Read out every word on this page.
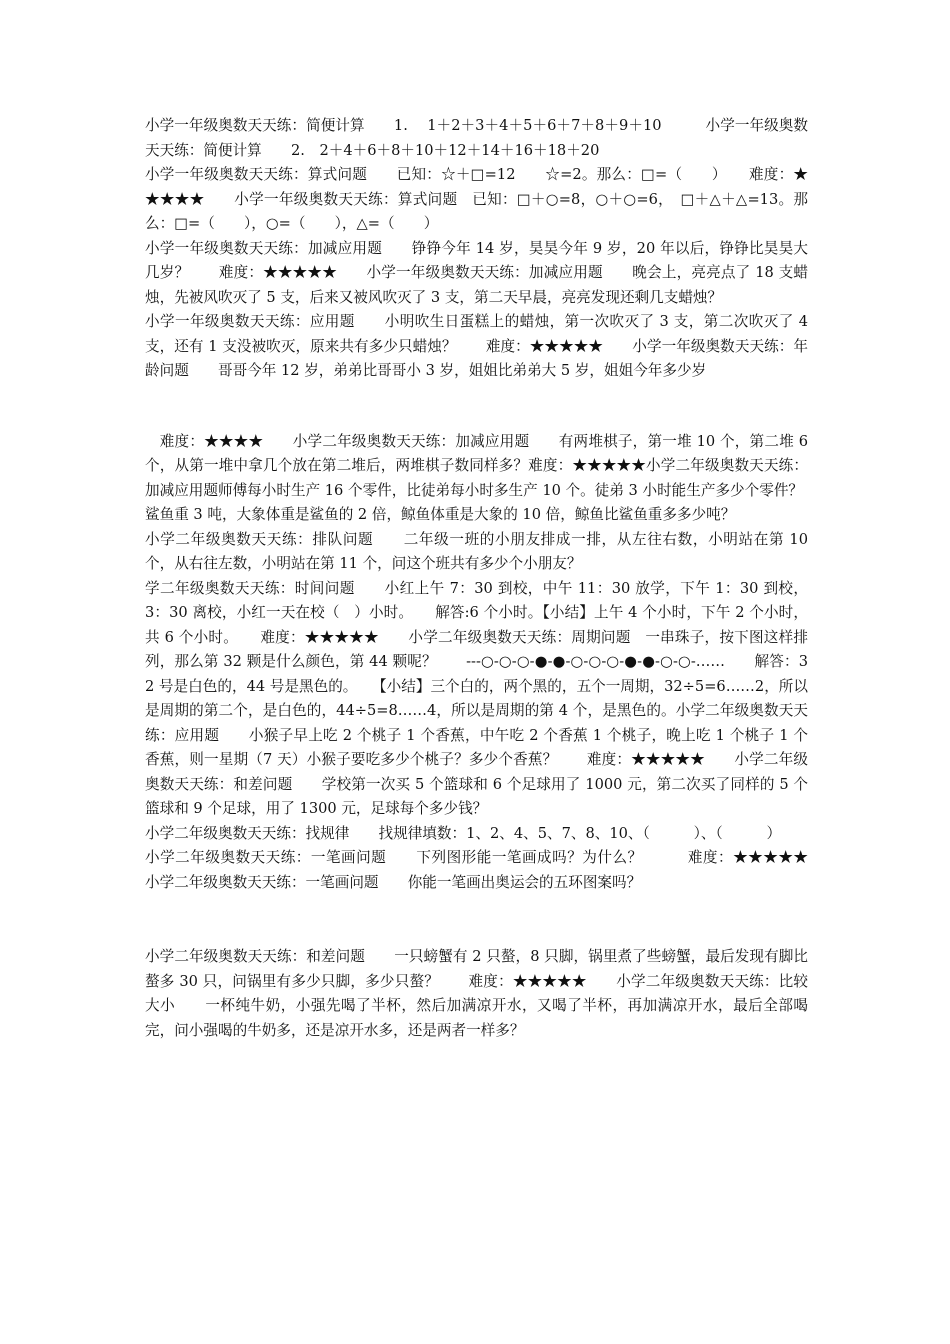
小学一年级奥数天天练：简便计算　　1.　 1＋2＋3＋4＋5＋6＋7＋8＋9＋10　　　小学一年级奥数天天练：简便计算　　2.　2＋4＋6＋8＋10＋12＋14＋16＋18＋20

小学一年级奥数天天练：算式问题　　已知：☆＋□=12　　☆=2。那么：□=（　　）　　难度：★★★★★　　小学一年级奥数天天练：算式问题　已知：□＋○=8，○＋○=6，　□＋△＋△=13。那么：□=（　　），○=（　　），△=（　　）

小学一年级奥数天天练：加减应用题　　铮铮今年 14 岁，昊昊今年 9 岁，20 年以后，铮铮比昊昊大几岁？　　难度：★★★★★　　小学一年级奥数天天练：加减应用题　　晚会上，亮亮点了 18 支蜡烛，先被风吹灭了 5 支，后来又被风吹灭了 3 支，第二天早晨，亮亮发现还剩几支蜡烛？

小学一年级奥数天天练：应用题　　小明吹生日蛋糕上的蜡烛，第一次吹灭了 3 支，第二次吹灭了 4 支，还有 1 支没被吹灭，原来共有多少只蜡烛？　　难度：★★★★★　　小学一年级奥数天天练：年龄问题　　哥哥今年 12 岁，弟弟比哥哥小 3 岁，姐姐比弟弟大 5 岁，姐姐今年多少岁

　难度：★★★★　　小学二年级奥数天天练：加减应用题　　有两堆棋子，第一堆 10 个，第二堆 6 个，从第一堆中拿几个放在第二堆后，两堆棋子数同样多？难度：★★★★★小学二年级奥数天天练：加减应用题师傅每小时生产 16 个零件，比徒弟每小时多生产 10 个。徒弟 3 小时能生产多少个零件？

鲨鱼重 3 吨，大象体重是鲨鱼的 2 倍，鲸鱼体重是大象的 10 倍，鲸鱼比鲨鱼重多多少吨？

小学二年级奥数天天练：排队问题　　二年级一班的小朋友排成一排，从左往右数，小明站在第 10 个，从右往左数，小明站在第 11 个，问这个班共有多少个小朋友？

学二年级奥数天天练：时间问题　　小红上午 7：30 到校，中午 11：30 放学，下午 1：30 到校，3：30 离校，小红一天在校（　）小时。　　解答:6 个小时。【小结】上午 4 个小时，下午 2 个小时，共 6 个小时。　　难度：★★★★★　　小学二年级奥数天天练：周期问题　一串珠子，按下图这样排列，那么第 32 颗是什么颜色，第 44 颗呢？　　---○-○-○-●-●-○-○-○-●-●-○-○-……　　解答：32 号是白色的，44 号是黑色的。　　【小结】三个白的，两个黑的，五个一周期，32÷5=6……2，所以是周期的第二个，是白色的，44÷5=8……4，所以是周期的第 4 个，是黑色的。小学二年级奥数天天练：应用题　　小猴子早上吃 2 个桃子 1 个香蕉，中午吃 2 个香蕉 1 个桃子，晚上吃 1 个桃子 1 个香蕉，则一星期（7 天）小猴子要吃多少个桃子？多少个香蕉？　　难度：★★★★★　　小学二年级奥数天天练：和差问题　　学校第一次买 5 个篮球和 6 个足球用了 1000 元，第二次买了同样的 5 个篮球和 9 个足球，用了 1300 元，足球每个多少钱？

小学二年级奥数天天练：找规律　　找规律填数：1、2、4、5、7、8、10、（　　　）、（　　　）

小学二年级奥数天天练：一笔画问题　　下列图形能一笔画成吗？为什么？　　　难度：★★★★★　　小学二年级奥数天天练：一笔画问题　　你能一笔画出奥运会的五环图案吗？

小学二年级奥数天天练：和差问题　　一只螃蟹有 2 只螯，8 只脚，锅里煮了些螃蟹，最后发现有脚比螯多 30 只，问锅里有多少只脚，多少只螯？　　难度：★★★★★　　小学二年级奥数天天练：比较大小　　一杯纯牛奶，小强先喝了半杯，然后加满凉开水，又喝了半杯，再加满凉开水，最后全部喝完，问小强喝的牛奶多，还是凉开水多，还是两者一样多？
